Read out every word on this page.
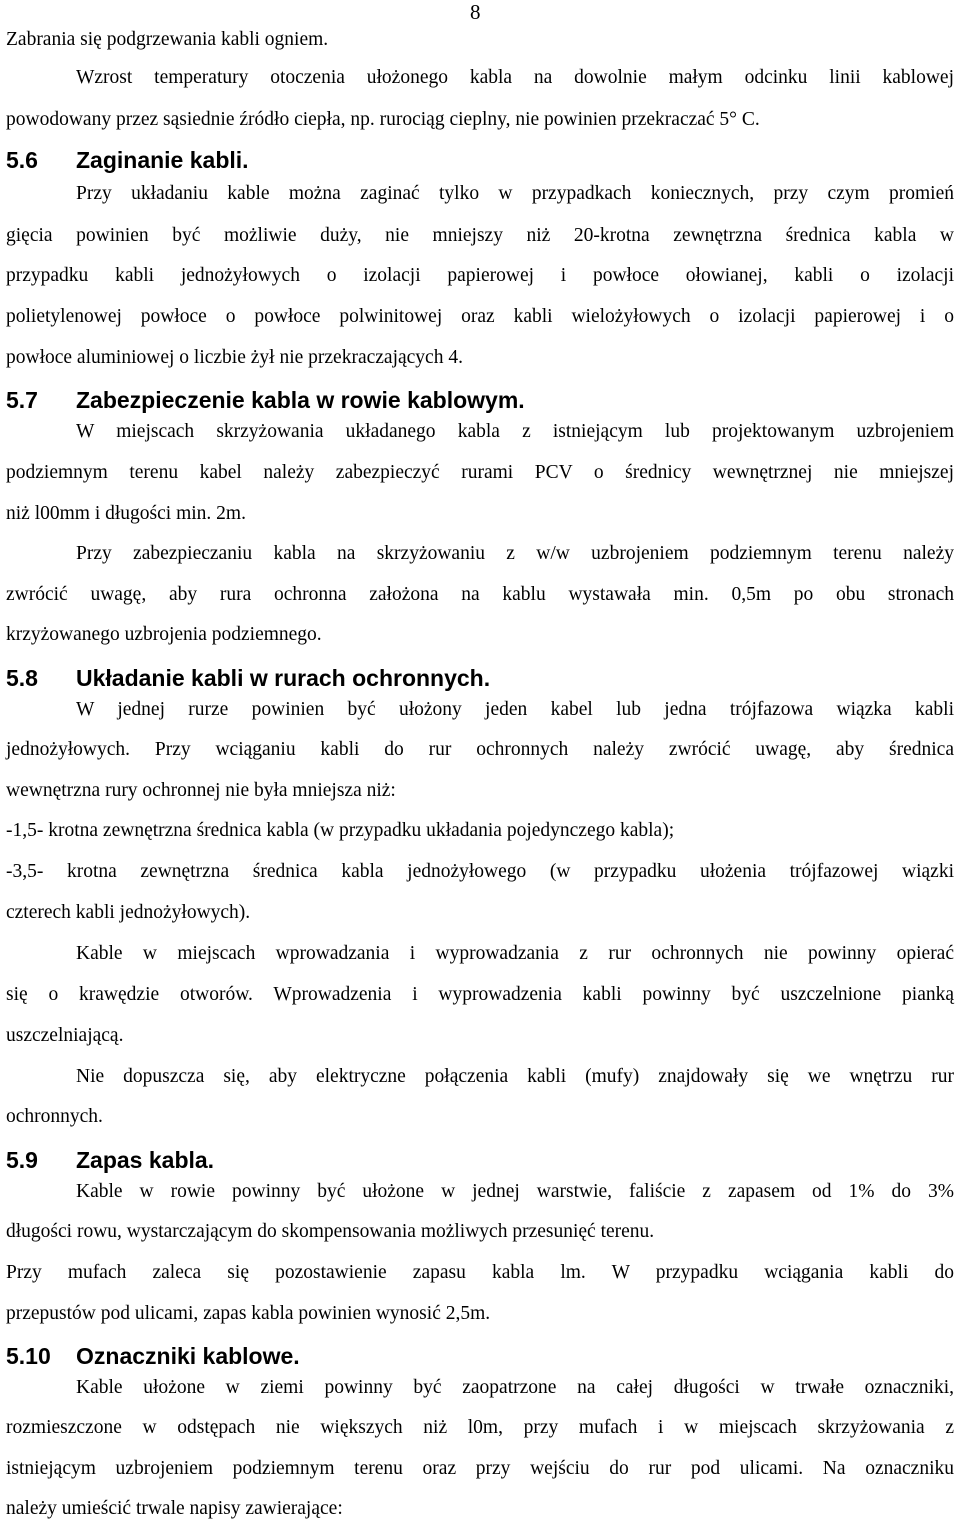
8
Zabrania się podgrzewania kabli ogniem.
Wzrost temperatury otoczenia ułożonego kabla na dowolnie małym odcinku linii kablowej
powodowany przez sąsiednie źródło ciepła, np. rurociąg cieplny, nie powinien przekraczać 5° C.
5.6 Zaginanie kabli.
Przy układaniu kable można zaginać tylko w przypadkach koniecznych, przy czym promień
gięcia powinien być możliwie duży, nie mniejszy niż 20-krotna zewnętrzna średnica kabla w
przypadku kabli jednożyłowych o izolacji papierowej i powłoce ołowianej, kabli o izolacji
polietylenowej powłoce o powłoce polwinitowej oraz kabli wielożyłowych o izolacji papierowej i o
powłoce aluminiowej o liczbie żył nie przekraczających 4.
5.7 Zabezpieczenie kabla w rowie kablowym.
W miejscach skrzyżowania układanego kabla z istniejącym lub projektowanym uzbrojeniem
podziemnym terenu kabel należy zabezpieczyć rurami PCV o średnicy wewnętrznej nie mniejszej
niż l00mm i długości min. 2m.
Przy zabezpieczaniu kabla na skrzyżowaniu z w/w uzbrojeniem podziemnym terenu należy
zwrócić uwagę, aby rura ochronna założona na kablu wystawała min. 0,5m po obu stronach
krzyżowanego uzbrojenia podziemnego.
5.8 Układanie kabli w rurach ochronnych.
W jednej rurze powinien być ułożony jeden kabel lub jedna trójfazowa wiązka kabli
jednożyłowych. Przy wciąganiu kabli do rur ochronnych należy zwrócić uwagę, aby średnica
wewnętrzna rury ochronnej nie była mniejsza niż:
-1,5- krotna zewnętrzna średnica kabla (w przypadku układania pojedynczego kabla);
-3,5- krotna zewnętrzna średnica kabla jednożyłowego (w przypadku ułożenia trójfazowej wiązki
czterech kabli jednożyłowych).
Kable w miejscach wprowadzania i wyprowadzania z rur ochronnych nie powinny opierać
się o krawędzie otworów. Wprowadzenia i wyprowadzenia kabli powinny być uszczelnione pianką
uszczelniającą.
Nie dopuszcza się, aby elektryczne połączenia kabli (mufy) znajdowały się we wnętrzu rur
ochronnych.
5.9 Zapas kabla.
Kable w rowie powinny być ułożone w jednej warstwie, faliście z zapasem od 1% do 3%
długości rowu, wystarczającym do skompensowania możliwych przesunięć terenu.
Przy mufach zaleca się pozostawienie zapasu kabla lm. W przypadku wciągania kabli do
przepustów pod ulicami, zapas kabla powinien wynosić 2,5m.
5.10 Oznaczniki kablowe.
Kable ułożone w ziemi powinny być zaopatrzone na całej długości w trwałe oznaczniki,
rozmieszczone w odstępach nie większych niż l0m, przy mufach i w miejscach skrzyżowania z
istniejącym uzbrojeniem podziemnym terenu oraz przy wejściu do rur pod ulicami. Na oznaczniku
należy umieścić trwale napisy zawierające:
